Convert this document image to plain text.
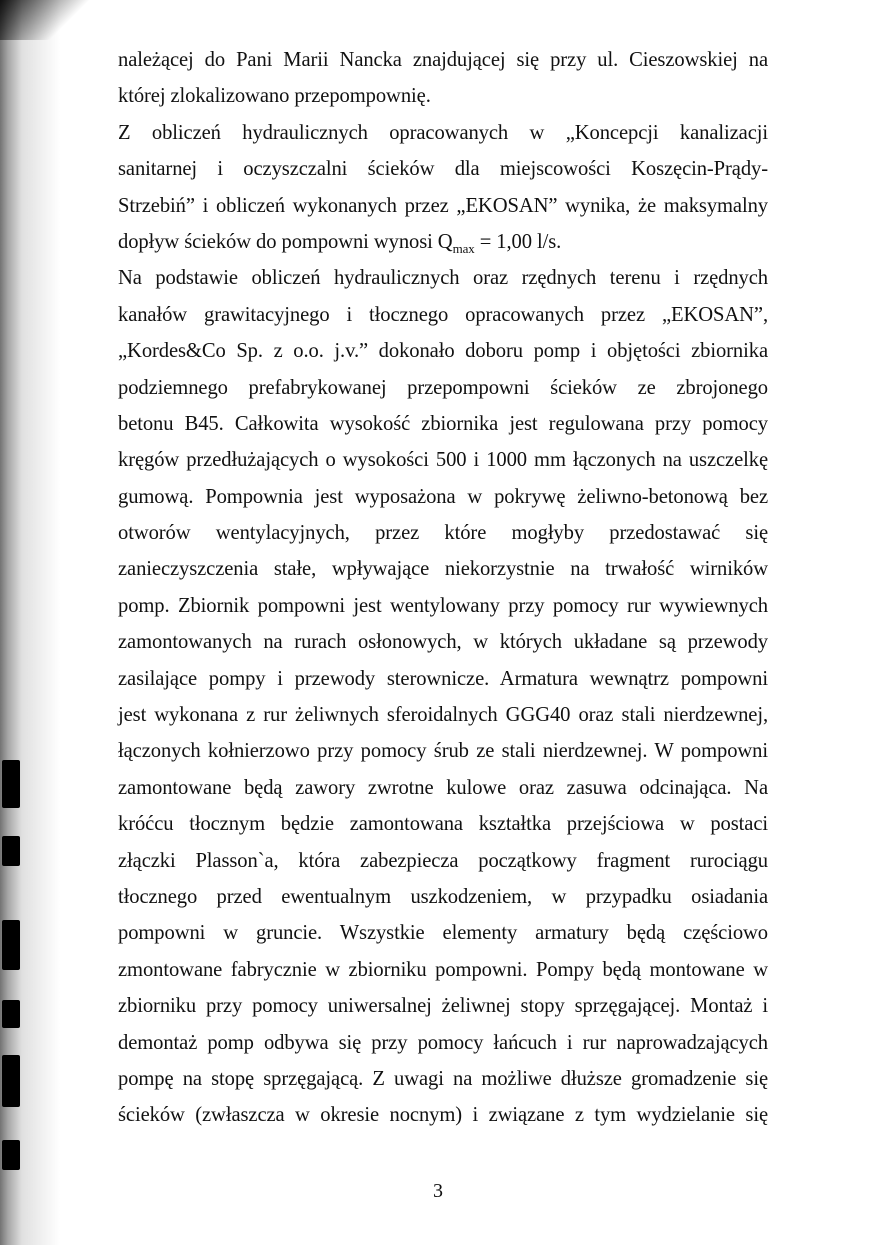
należącej do Pani Marii Nancka znajdującej się przy ul. Cieszowskiej na
której zlokalizowano przepompownię.
Z obliczeń hydraulicznych opracowanych w „Koncepcji kanalizacji
sanitarnej i oczyszczalni ścieków dla miejscowości Koszęcin-Prądy-
Strzebiń” i obliczeń wykonanych przez „EKOSAN” wynika, że maksymalny
dopływ ścieków do pompowni wynosi $Q_{max} = 1,00$ l/s.
Na podstawie obliczeń hydraulicznych oraz rzędnych terenu i rzędnych
kanałów grawitacyjnego i tłocznego opracowanych przez „EKOSAN”,
„Kordes&Co Sp. z o.o. j.v.” dokonało doboru pomp i objętości zbiornika
podziemnego prefabrykowanej przepompowni ścieków ze zbrojonego
betonu B45. Całkowita wysokość zbiornika jest regulowana przy pomocy
kręgów przedłużających o wysokości 500 i 1000 mm łączonych na uszczelkę
gumową. Pompownia jest wyposażona w pokrywę żeliwno-betonową bez
otworów wentylacyjnych, przez które mogłyby przedostawać się
zanieczyszczenia stałe, wpływające niekorzystnie na trwałość wirników
pomp. Zbiornik pompowni jest wentylowany przy pomocy rur wywiewnych
zamontowanych na rurach osłonowych, w których układane są przewody
zasilające pompy i przewody sterownicze. Armatura wewnątrz pompowni
jest wykonana z rur żeliwnych sferoidalnych GGG40 oraz stali nierdzewnej,
łączonych kołnierzowo przy pomocy śrub ze stali nierdzewnej. W pompowni
zamontowane będą zawory zwrotne kulowe oraz zasuwa odcinająca. Na
króćcu tłocznym będzie zamontowana kształtka przejściowa w postaci
złączki Plasson`a, która zabezpiecza początkowy fragment rurociągu
tłocznego przed ewentualnym uszkodzeniem, w przypadku osiadania
pompowni w gruncie. Wszystkie elementy armatury będą częściowo
zmontowane fabrycznie w zbiorniku pompowni. Pompy będą montowane w
zbiorniku przy pomocy uniwersalnej żeliwnej stopy sprzęgającej. Montaż i
demontaż pomp odbywa się przy pomocy łańcuch i rur naprowadzających
pompę na stopę sprzęgającą. Z uwagi na możliwe dłuższe gromadzenie się
ścieków (zwłaszcza w okresie nocnym) i związane z tym wydzielanie się
3
